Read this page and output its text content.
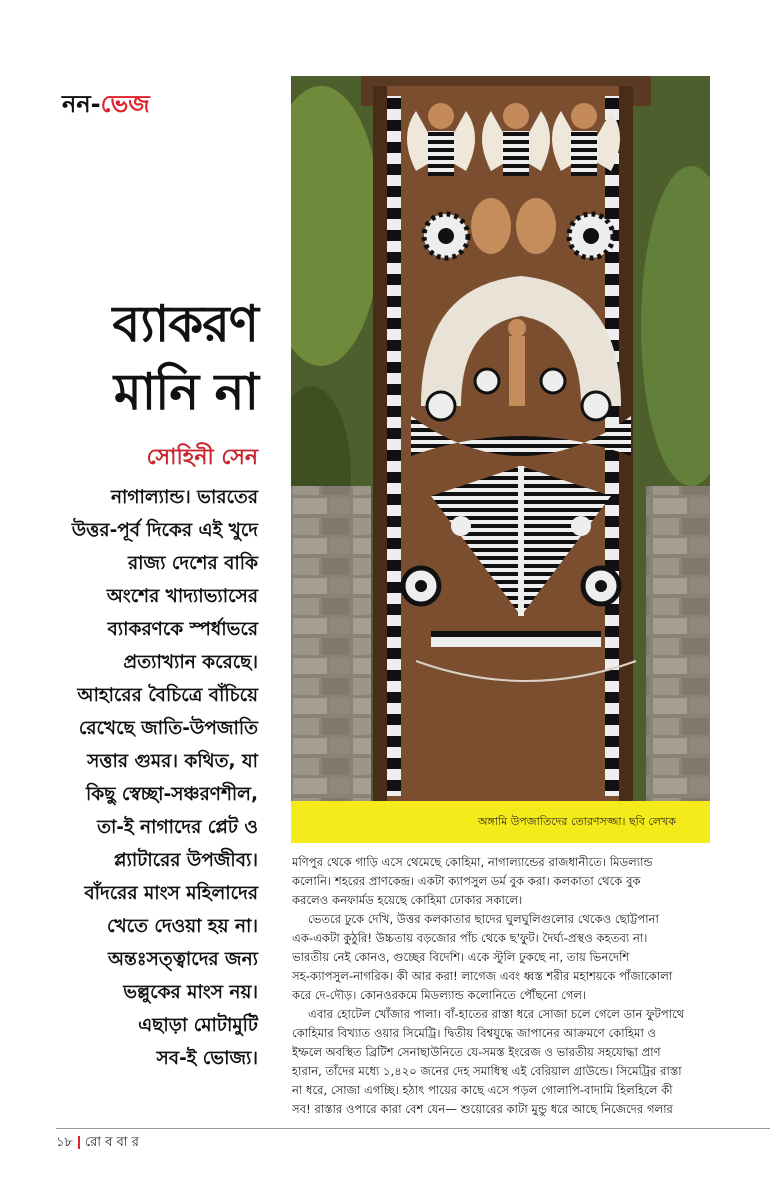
নন-ভেজ
ব্যাকরণ
মানি না
সোহিনী সেন
নাগাল্যান্ড। ভারতের
উত্তর-পূর্ব দিকের এই খুদে
রাজ্য দেশের বাকি
অংশের খাদ্যাভ্যাসের
ব্যাকরণকে স্পর্ধাভরে
প্রত্যাখ্যান করেছে।
আহারের বৈচিত্রে বাঁচিয়ে
রেখেছে জাতি-উপজাতি
সত্তার গুমর। কথিত, যা
কিছু স্বেচ্ছা-সঞ্চরণশীল,
তা-ই নাগাদের প্লেট ও
প্ল্যাটারের উপজীব্য।
বাঁদরের মাংস মহিলাদের
খেতে দেওয়া হয় না।
অন্তঃসত্ত্বাদের জন্য
ভল্লুকের মাংস নয়।
এছাড়া মোটামুটি
সব-ই ভোজ্য।
অঙ্গামি উপজাতিদের তোরণসজ্জা। ছবি লেখক
মণিপুর থেকে গাড়ি এসে থেমেছে কোহিমা, নাগাল্যান্ডের রাজধানীতে। মিডল্যান্ড
কলোনি। শহরের প্রাণকেন্দ্র। একটা ক্যাপসুল ডর্ম বুক করা। কলকাতা থেকে বুক
করলেও কনফার্মড হয়েছে কোহিমা ঢোকার সকালে।
ভেতরে ঢুকে দেখি, উত্তর কলকাতার ছাদের ঘুলঘুলিগুলোর থেকেও ছোট্টপানা
এক-একটা কুঠুরি! উচ্চতায় বড়জোর পাঁচ থেকে ছ'ফুট। দৈর্ঘ্য-প্রস্থও কহতব্য না।
ভারতীয় নেই কোনও, গুচ্ছের বিদেশি। একে স্টুলি ঢুকছে না, তায় ভিনদেশি
সহ-ক্যাপসুল-নাগরিক। কী আর করা! লাগেজ এবং ধ্বস্ত শরীর মহাশয়কে পাঁজাকোলা
করে দে-দৌড়। কোনওরকমে মিডল্যান্ড কলোনিতে পৌঁছনো গেল।
এবার হোটেল খোঁজার পালা। বাঁ-হাতের রাস্তা ধরে সোজা চলে গেলে ডান ফুটপাথে
কোহিমার বিখ্যাত ওয়ার সিমেট্রি। দ্বিতীয় বিশ্বযুদ্ধে জাপানের আক্রমণে কোহিমা ও
ইম্ফলে অবস্থিত ব্রিটিশ সেনাছাউনিতে যে-সমস্ত ইংরেজ ও ভারতীয় সহযোদ্ধা প্রাণ
হারান, তাঁদের মধ্যে ১,৪২০ জনের দেহ সমাধিস্থ এই বেরিয়াল গ্রাউন্ডে। সিমেট্রির রাস্তা
না ধরে, সোজা এগচ্ছি। হঠাৎ পায়ের কাছে এসে পড়ল গোলাপি-বাদামি হিলহিলে কী
সব! রাস্তার ওপারে কারা বেশ যেন— শুয়োরের কাটা মুন্ডু ধরে আছে নিজেদের গলার
১৮ রো ব বা র
